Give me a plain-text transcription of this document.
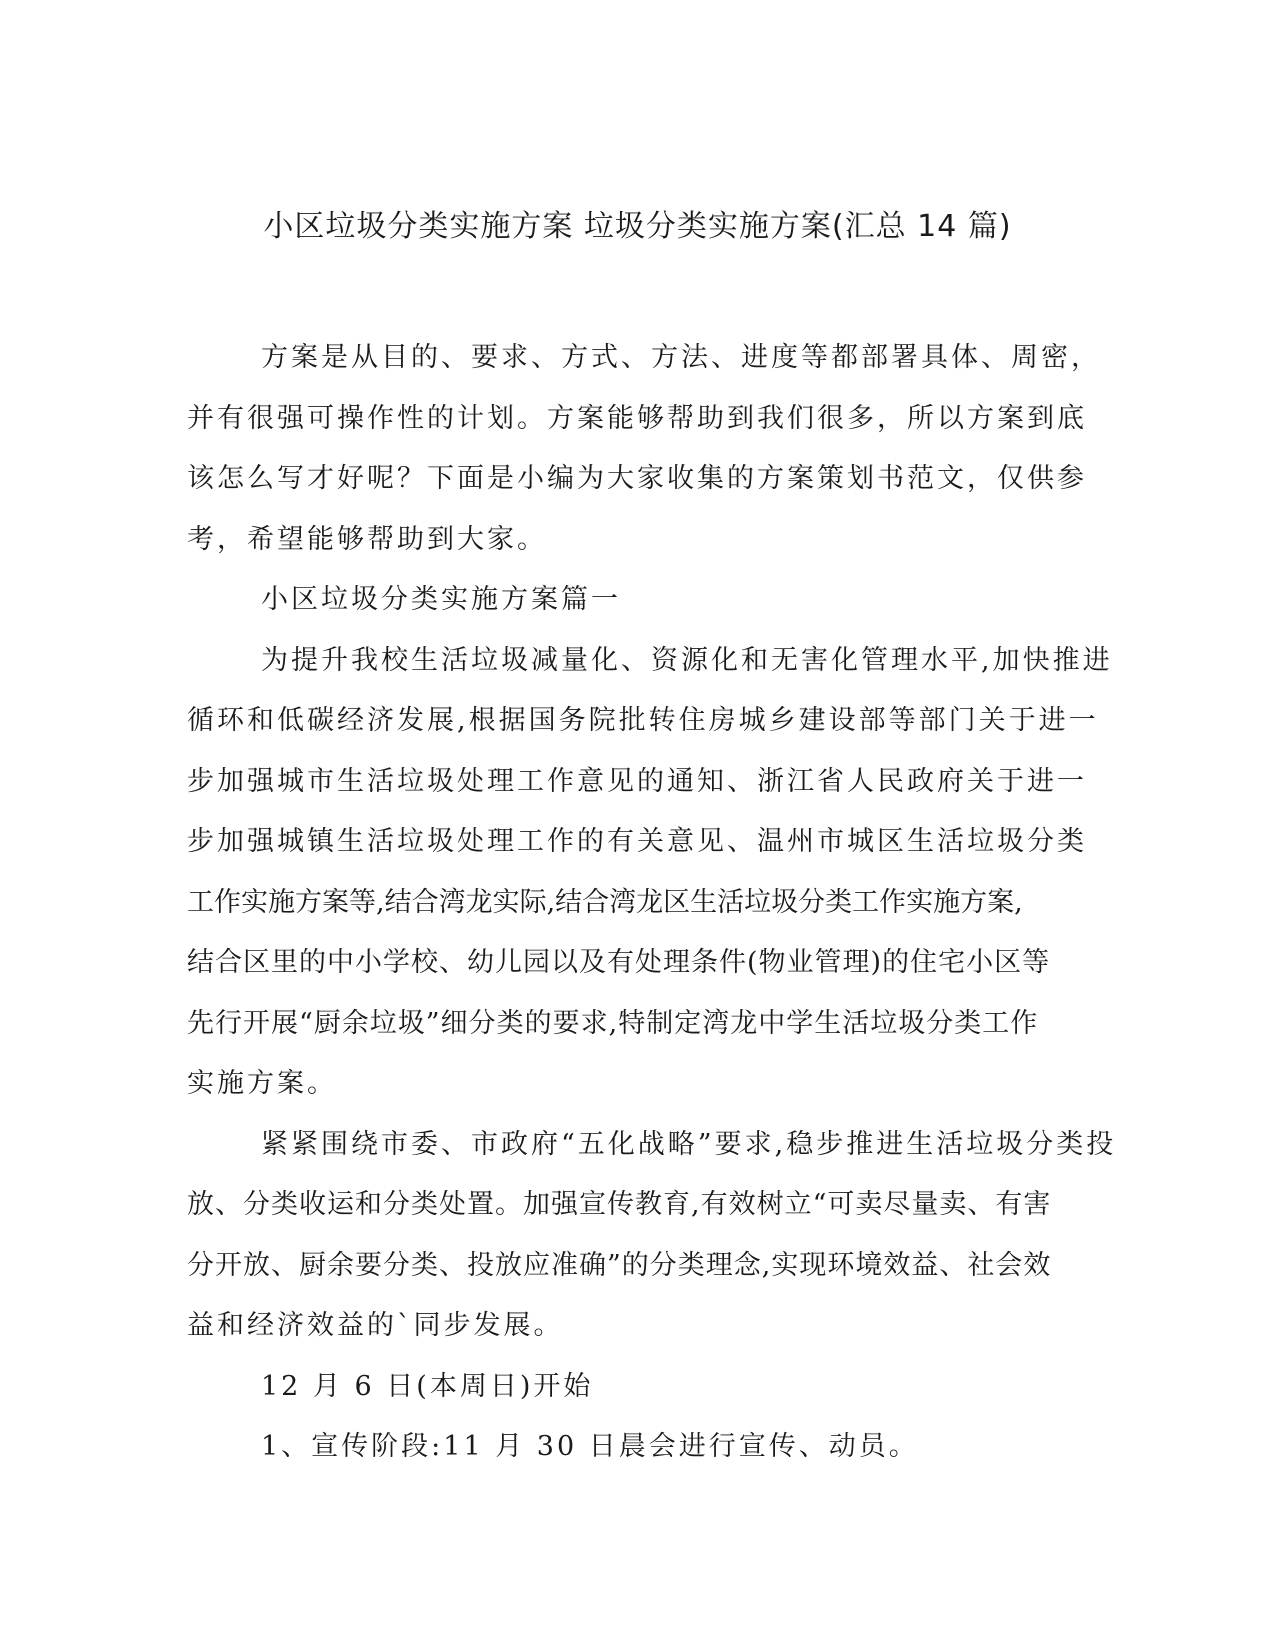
小区垃圾分类实施方案 垃圾分类实施方案(汇总 14 篇)

方案是从目的、要求、方式、方法、进度等都部署具体、周密，
并有很强可操作性的计划。方案能够帮助到我们很多，所以方案到底
该怎么写才好呢？下面是小编为大家收集的方案策划书范文，仅供参
考，希望能够帮助到大家。

小区垃圾分类实施方案篇一

为提升我校生活垃圾减量化、资源化和无害化管理水平,加快推进
循环和低碳经济发展,根据国务院批转住房城乡建设部等部门关于进一
步加强城市生活垃圾处理工作意见的通知、浙江省人民政府关于进一
步加强城镇生活垃圾处理工作的有关意见、温州市城区生活垃圾分类
工作实施方案等,结合湾龙实际,结合湾龙区生活垃圾分类工作实施方案,
结合区里的中小学校、幼儿园以及有处理条件(物业管理)的住宅小区等
先行开展“厨余垃圾”细分类的要求,特制定湾龙中学生活垃圾分类工作
实施方案。

紧紧围绕市委、市政府“五化战略”要求,稳步推进生活垃圾分类投
放、分类收运和分类处置。加强宣传教育,有效树立“可卖尽量卖、有害
分开放、厨余要分类、投放应准确”的分类理念,实现环境效益、社会效
益和经济效益的`同步发展。

12 月 6 日(本周日)开始

1、宣传阶段:11 月 30 日晨会进行宣传、动员。
